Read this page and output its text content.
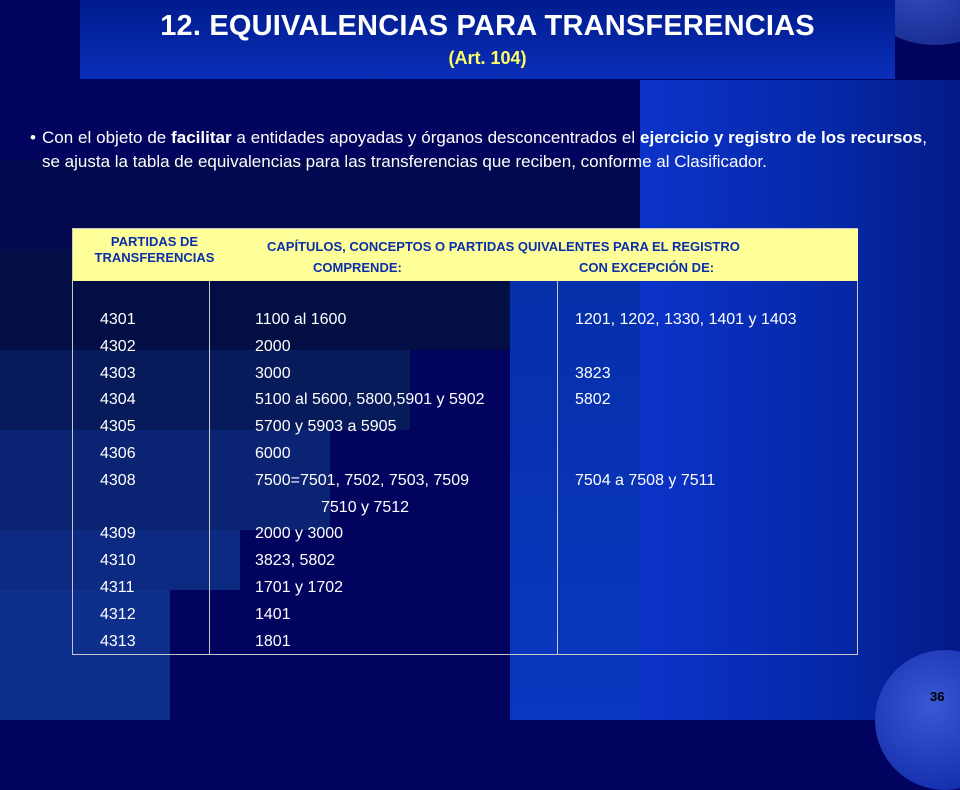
12. EQUIVALENCIAS PARA TRANSFERENCIAS
(Art. 104)
• Con el objeto de facilitar a entidades apoyadas y órganos desconcentrados el ejercicio y registro de los recursos, se ajusta la tabla de equivalencias para las transferencias que reciben, conforme al Clasificador.
PARTIDAS DE TRANSFERENCIAS
CAPÍTULOS, CONCEPTOS O PARTIDAS QUIVALENTES PARA EL REGISTRO
COMPRENDE:	CON EXCEPCIÓN DE:
4301	1100 al 1600	1201, 1202, 1330, 1401 y 1403
4302	2000
4303	3000	3823
4304	5100 al 5600, 5800,5901 y 5902	5802
4305	5700 y 5903 a 5905
4306	6000
4308	7500=7501, 7502, 7503, 7509	7504 a 7508 y 7511
7510 y 7512
4309	2000 y 3000
4310	3823, 5802
4311	1701 y 1702
4312	1401
4313	1801
36
